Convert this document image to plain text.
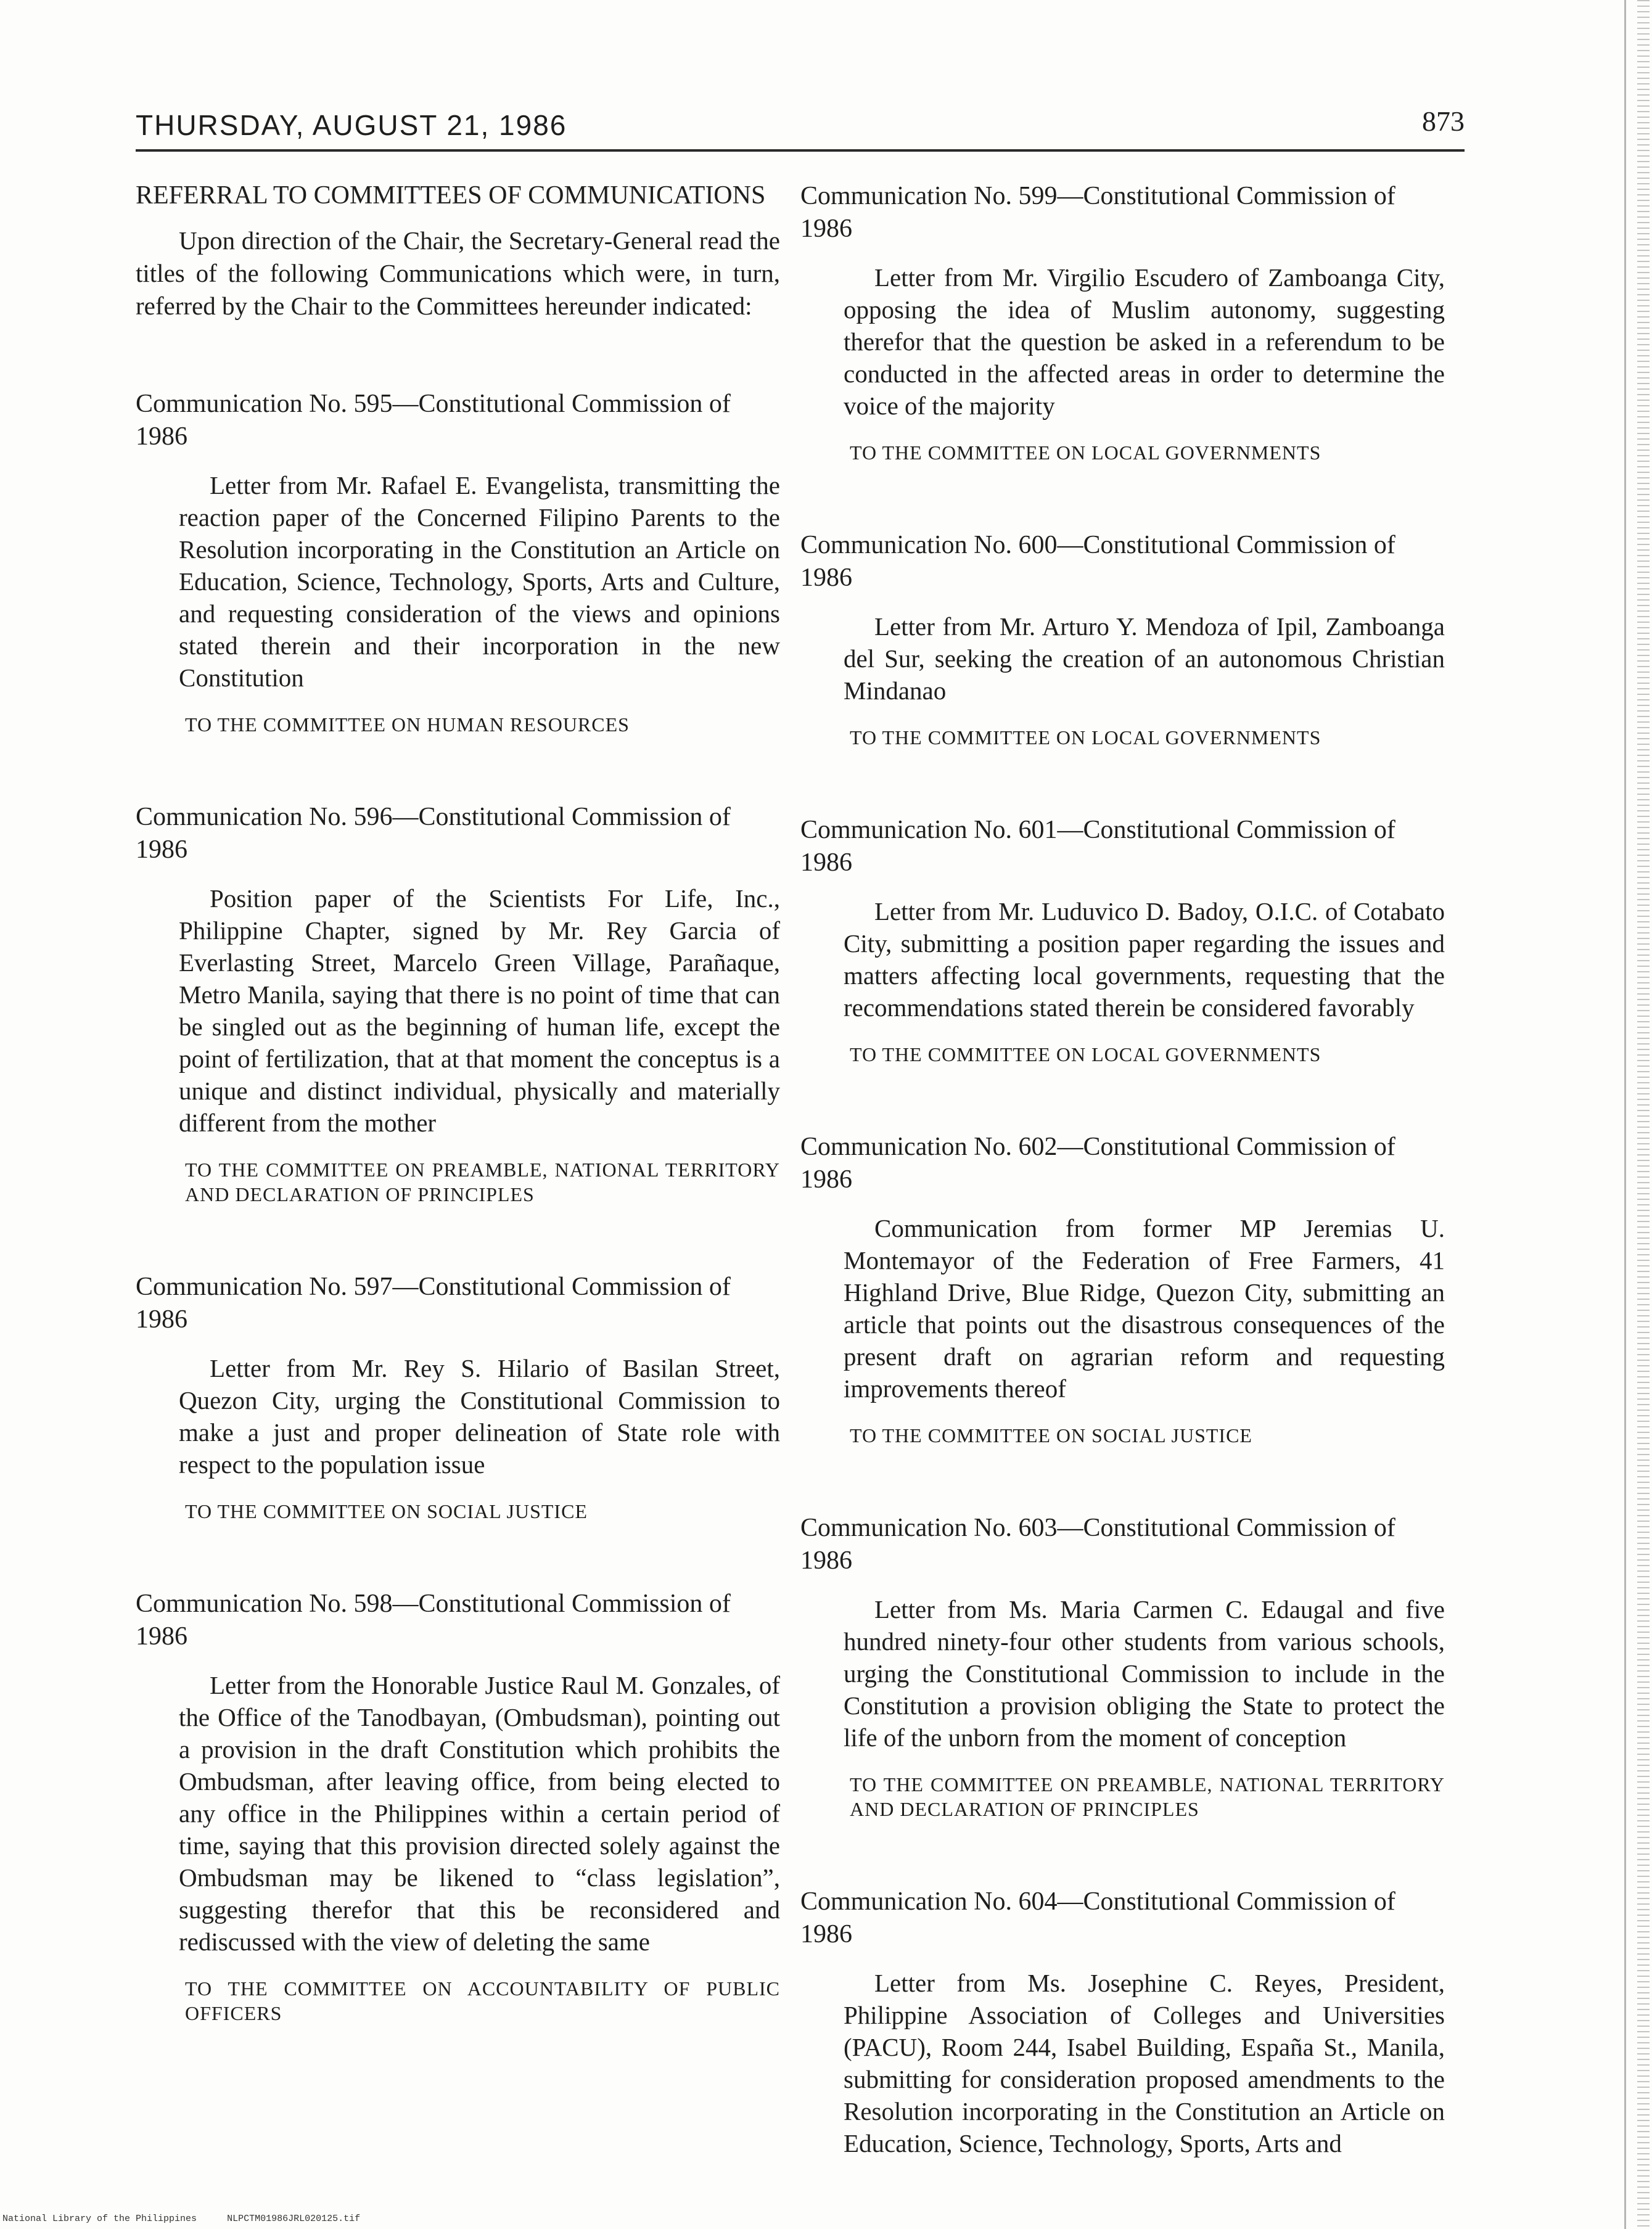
THURSDAY, AUGUST 21, 1986	873
REFERRAL TO COMMITTEES OF COMMUNICATIONS

Upon direction of the Chair, the Secretary-General read the titles of the following Communications which were, in turn, referred by the Chair to the Committees hereunder indicated:

Communication No. 595—Constitutional Commission of 1986

Letter from Mr. Rafael E. Evangelista, transmitting the reaction paper of the Concerned Filipino Parents to the Resolution incorporating in the Constitution an Article on Education, Science, Technology, Sports, Arts and Culture, and requesting consideration of the views and opinions stated therein and their incorporation in the new Constitution

TO THE COMMITTEE ON HUMAN RESOURCES

Communication No. 596—Constitutional Commission of 1986

Position paper of the Scientists For Life, Inc., Philippine Chapter, signed by Mr. Rey Garcia of Everlasting Street, Marcelo Green Village, Parañaque, Metro Manila, saying that there is no point of time that can be singled out as the beginning of human life, except the point of fertilization, that at that moment the conceptus is a unique and distinct individual, physically and materially different from the mother

TO THE COMMITTEE ON PREAMBLE, NATIONAL TERRITORY AND DECLARATION OF PRINCIPLES

Communication No. 597—Constitutional Commission of 1986

Letter from Mr. Rey S. Hilario of Basilan Street, Quezon City, urging the Constitutional Commission to make a just and proper delineation of State role with respect to the population issue

TO THE COMMITTEE ON SOCIAL JUSTICE

Communication No. 598—Constitutional Commission of 1986

Letter from the Honorable Justice Raul M. Gonzales, of the Office of the Tanodbayan, (Ombudsman), pointing out a provision in the draft Constitution which prohibits the Ombudsman, after leaving office, from being elected to any office in the Philippines within a certain period of time, saying that this provision directed solely against the Ombudsman may be likened to “class legislation”, suggesting therefor that this be reconsidered and rediscussed with the view of deleting the same

TO THE COMMITTEE ON ACCOUNTABILITY OF PUBLIC OFFICERS

Communication No. 599—Constitutional Commission of 1986

Letter from Mr. Virgilio Escudero of Zamboanga City, opposing the idea of Muslim autonomy, suggesting therefor that the question be asked in a referendum to be conducted in the affected areas in order to determine the voice of the majority

TO THE COMMITTEE ON LOCAL GOVERNMENTS

Communication No. 600—Constitutional Commission of 1986

Letter from Mr. Arturo Y. Mendoza of Ipil, Zamboanga del Sur, seeking the creation of an autonomous Christian Mindanao

TO THE COMMITTEE ON LOCAL GOVERNMENTS

Communication No. 601—Constitutional Commission of 1986

Letter from Mr. Luduvico D. Badoy, O.I.C. of Cotabato City, submitting a position paper regarding the issues and matters affecting local governments, requesting that the recommendations stated therein be considered favorably

TO THE COMMITTEE ON LOCAL GOVERNMENTS

Communication No. 602—Constitutional Commission of 1986

Communication from former MP Jeremias U. Montemayor of the Federation of Free Farmers, 41 Highland Drive, Blue Ridge, Quezon City, submitting an article that points out the disastrous consequences of the present draft on agrarian reform and requesting improvements thereof

TO THE COMMITTEE ON SOCIAL JUSTICE

Communication No. 603—Constitutional Commission of 1986

Letter from Ms. Maria Carmen C. Edaugal and five hundred ninety-four other students from various schools, urging the Constitutional Commission to include in the Constitution a provision obliging the State to protect the life of the unborn from the moment of conception

TO THE COMMITTEE ON PREAMBLE, NATIONAL TERRITORY AND DECLARATION OF PRINCIPLES

Communication No. 604—Constitutional Commission of 1986

Letter from Ms. Josephine C. Reyes, President, Philippine Association of Colleges and Universities (PACU), Room 244, Isabel Building, España St., Manila, submitting for consideration proposed amendments to the Resolution incorporating in the Constitution an Article on Education, Science, Technology, Sports, Arts and

National Library of the Philippines	NLPCTM01986JRL020125.tif
